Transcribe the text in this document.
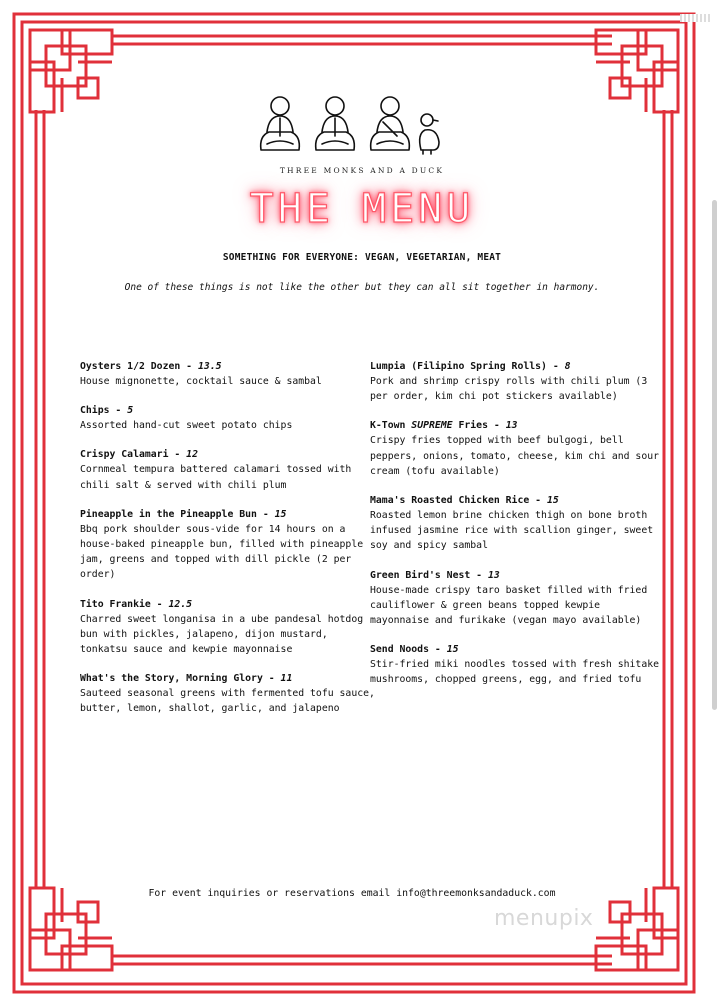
THREE MONKS AND A DUCK
THE MENU
SOMETHING FOR EVERYONE: VEGAN, VEGETARIAN, MEAT
One of these things is not like the other but they can all sit together in harmony.
Oysters 1/2 Dozen - 13.5
House mignonette, cocktail sauce & sambal
Chips - 5
Assorted hand-cut sweet potato chips
Crispy Calamari - 12
Cornmeal tempura battered calamari tossed with chili salt & served with chili plum
Pineapple in the Pineapple Bun - 15
Bbq pork shoulder sous-vide for 14 hours on a house-baked pineapple bun, filled with pineapple jam, greens and topped with dill pickle (2 per order)
Tito Frankie - 12.5
Charred sweet longanisa in a ube pandesal hotdog bun with pickles, jalapeno, dijon mustard, tonkatsu sauce and kewpie mayonnaise
What's the Story, Morning Glory - 11
Sauteed seasonal greens with fermented tofu sauce, butter, lemon, shallot, garlic, and jalapeno
Lumpia (Filipino Spring Rolls) - 8
Pork and shrimp crispy rolls with chili plum (3 per order, kim chi pot stickers available)
K-Town SUPREME Fries - 13
Crispy fries topped with beef bulgogi, bell peppers, onions, tomato, cheese, kim chi and sour cream (tofu available)
Mama's Roasted Chicken Rice - 15
Roasted lemon brine chicken thigh on bone broth infused jasmine rice with scallion ginger, sweet soy and spicy sambal
Green Bird's Nest - 13
House-made crispy taro basket filled with fried cauliflower & green beans topped kewpie mayonnaise and furikake (vegan mayo available)
Send Noods - 15
Stir-fried miki noodles tossed with fresh shitake mushrooms, chopped greens, egg, and fried tofu
For event inquiries or reservations email info@threemonksandaduck.com
menupix
